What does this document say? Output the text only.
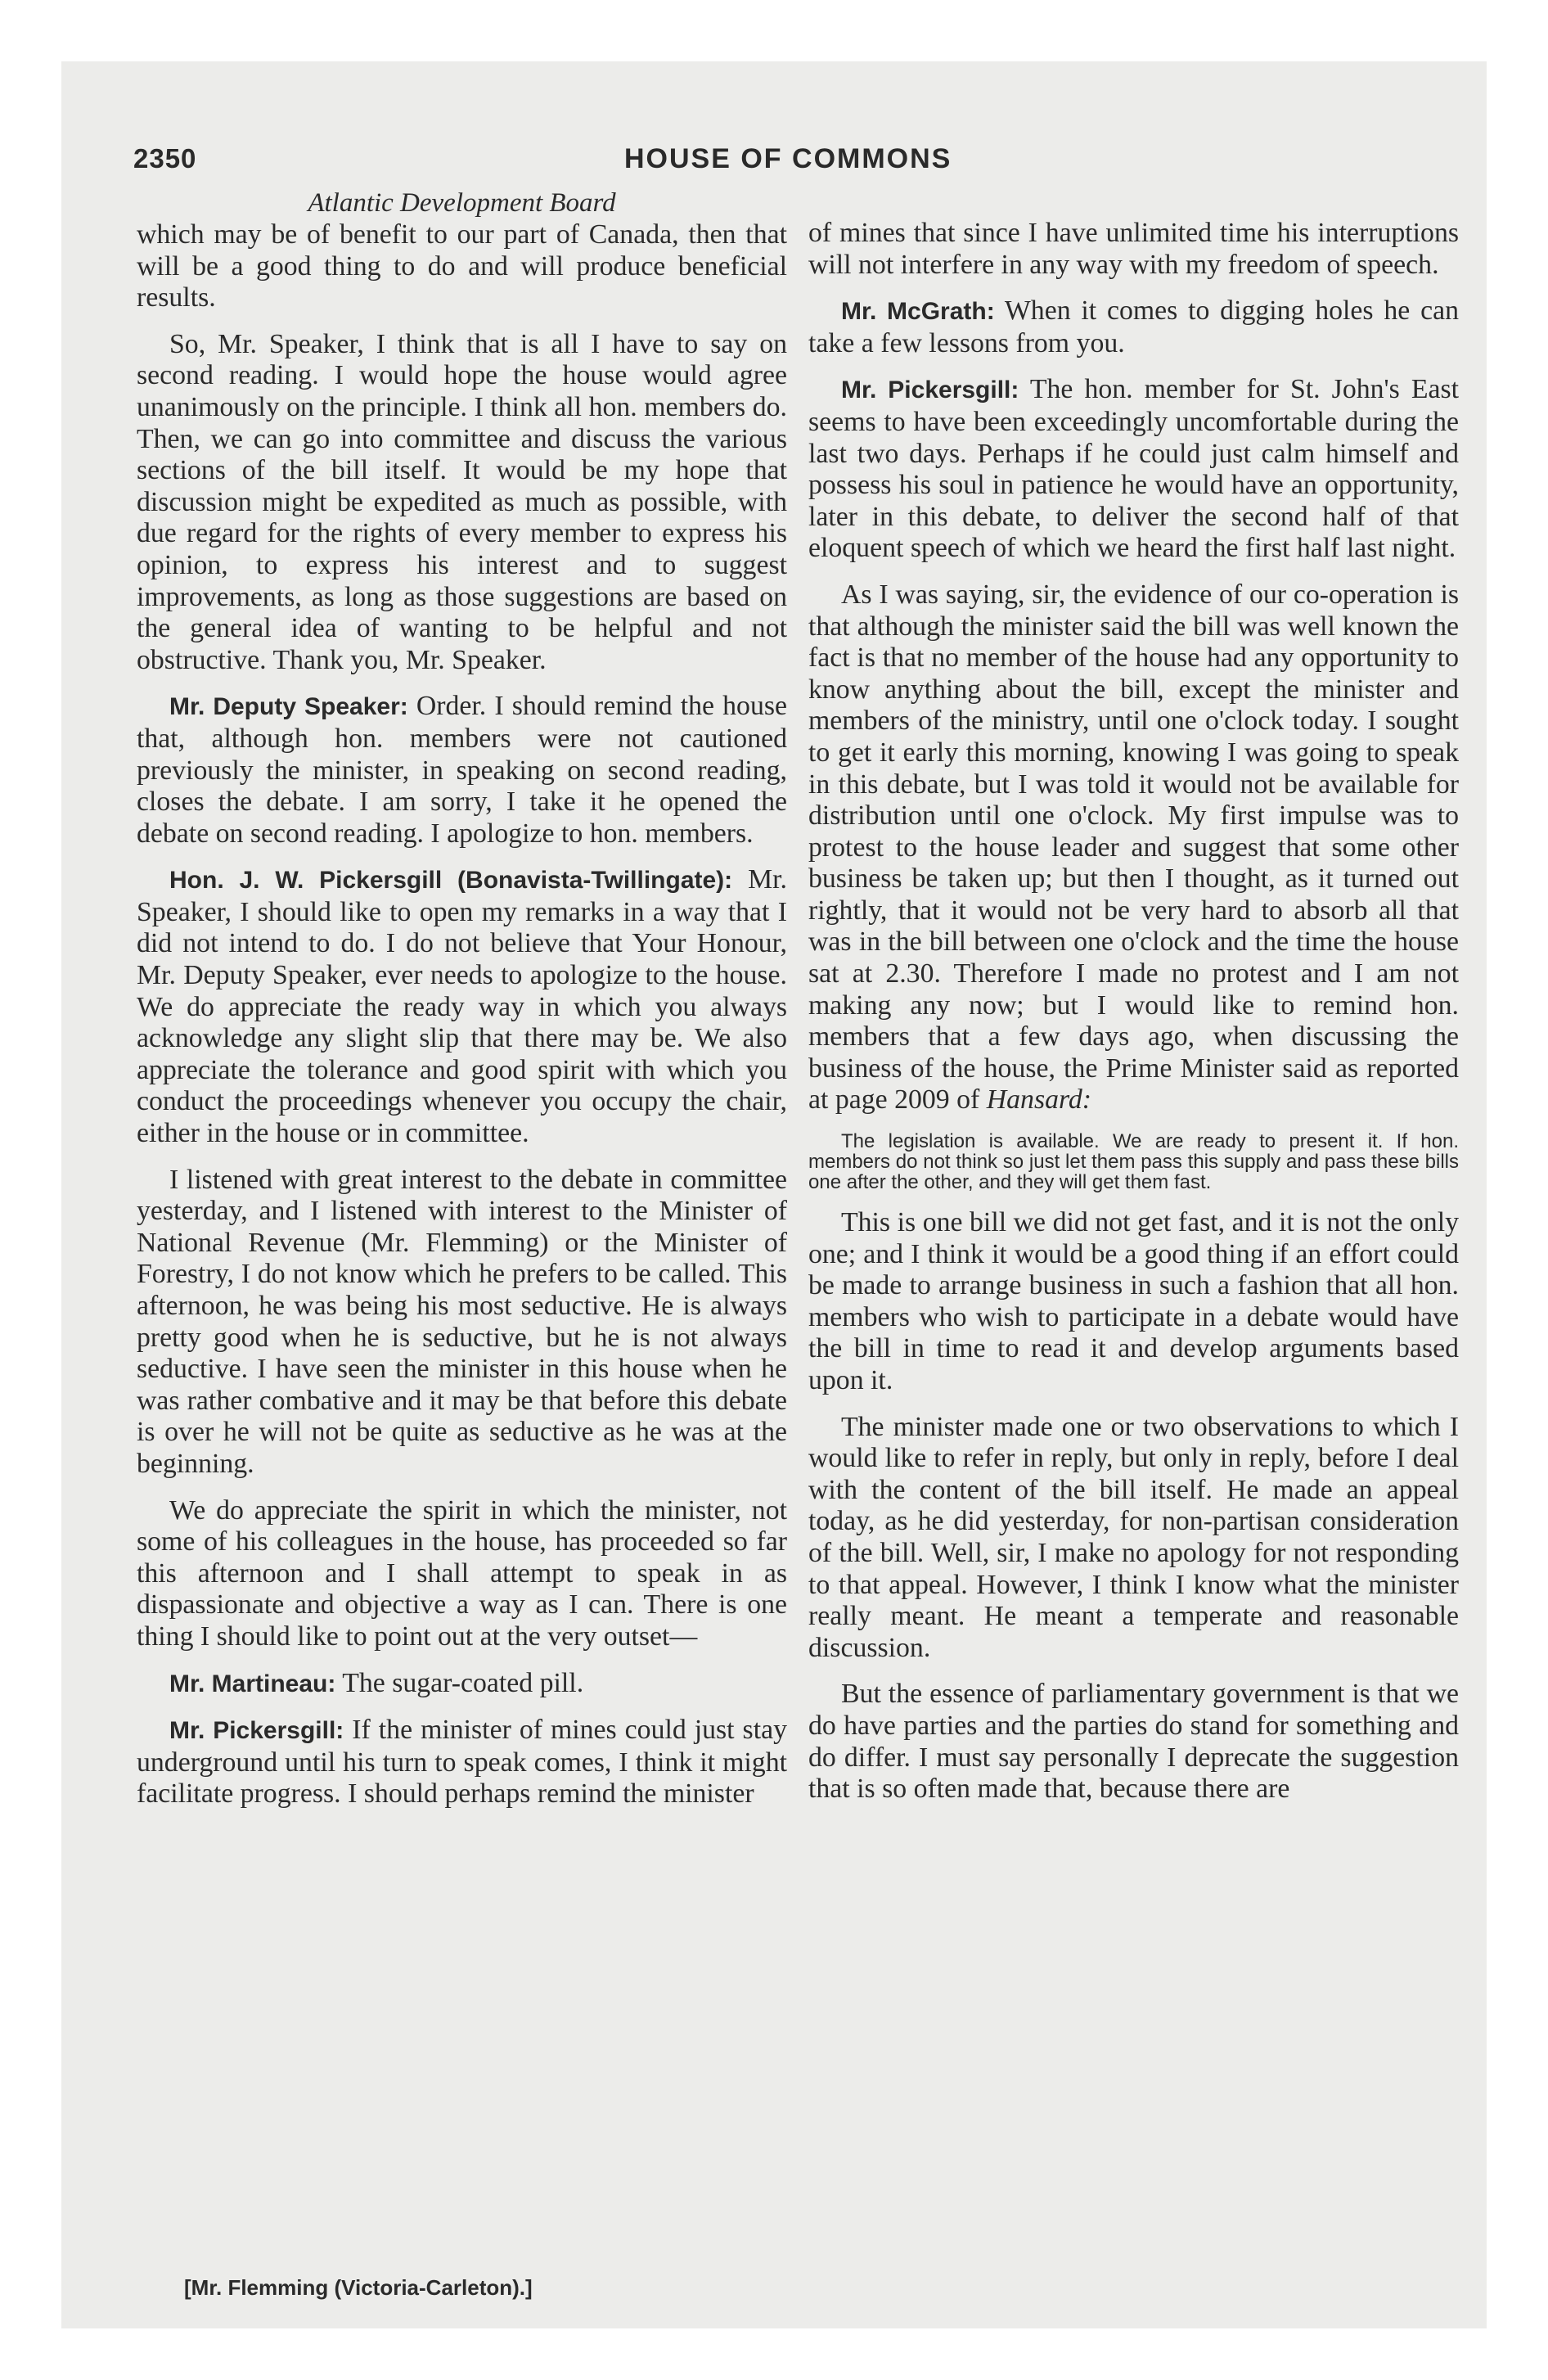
2350	HOUSE OF COMMONS
Atlantic Development Board

which may be of benefit to our part of Canada, then that will be a good thing to do and will produce beneficial results.

So, Mr. Speaker, I think that is all I have to say on second reading. I would hope the house would agree unanimously on the principle. I think all hon. members do. Then, we can go into committee and discuss the various sections of the bill itself. It would be my hope that discussion might be expedited as much as possible, with due regard for the rights of every member to express his opinion, to express his interest and to suggest improvements, as long as those suggestions are based on the general idea of wanting to be helpful and not obstructive. Thank you, Mr. Speaker.

Mr. Deputy Speaker: Order. I should remind the house that, although hon. members were not cautioned previously the minister, in speaking on second reading, closes the debate. I am sorry, I take it he opened the debate on second reading. I apologize to hon. members.

Hon. J. W. Pickersgill (Bonavista-Twillingate): Mr. Speaker, I should like to open my remarks in a way that I did not intend to do. I do not believe that Your Honour, Mr. Deputy Speaker, ever needs to apologize to the house. We do appreciate the ready way in which you always acknowledge any slight slip that there may be. We also appreciate the tolerance and good spirit with which you conduct the proceedings whenever you occupy the chair, either in the house or in committee.

I listened with great interest to the debate in committee yesterday, and I listened with interest to the Minister of National Revenue (Mr. Flemming) or the Minister of Forestry, I do not know which he prefers to be called. This afternoon, he was being his most seductive. He is always pretty good when he is seductive, but he is not always seductive. I have seen the minister in this house when he was rather combative and it may be that before this debate is over he will not be quite as seductive as he was at the beginning.

We do appreciate the spirit in which the minister, not some of his colleagues in the house, has proceeded so far this afternoon and I shall attempt to speak in as dispassionate and objective a way as I can. There is one thing I should like to point out at the very outset—

Mr. Martineau: The sugar-coated pill.

Mr. Pickersgill: If the minister of mines could just stay underground until his turn to speak comes, I think it might facilitate progress. I should perhaps remind the minister

of mines that since I have unlimited time his interruptions will not interfere in any way with my freedom of speech.

Mr. McGrath: When it comes to digging holes he can take a few lessons from you.

Mr. Pickersgill: The hon. member for St. John's East seems to have been exceedingly uncomfortable during the last two days. Perhaps if he could just calm himself and possess his soul in patience he would have an opportunity, later in this debate, to deliver the second half of that eloquent speech of which we heard the first half last night.

As I was saying, sir, the evidence of our co-operation is that although the minister said the bill was well known the fact is that no member of the house had any opportunity to know anything about the bill, except the minister and members of the ministry, until one o'clock today. I sought to get it early this morning, knowing I was going to speak in this debate, but I was told it would not be available for distribution until one o'clock. My first impulse was to protest to the house leader and suggest that some other business be taken up; but then I thought, as it turned out rightly, that it would not be very hard to absorb all that was in the bill between one o'clock and the time the house sat at 2.30. Therefore I made no protest and I am not making any now; but I would like to remind hon. members that a few days ago, when discussing the business of the house, the Prime Minister said as reported at page 2009 of Hansard:

The legislation is available. We are ready to present it. If hon. members do not think so just let them pass this supply and pass these bills one after the other, and they will get them fast.

This is one bill we did not get fast, and it is not the only one; and I think it would be a good thing if an effort could be made to arrange business in such a fashion that all hon. members who wish to participate in a debate would have the bill in time to read it and develop arguments based upon it.

The minister made one or two observations to which I would like to refer in reply, but only in reply, before I deal with the content of the bill itself. He made an appeal today, as he did yesterday, for non-partisan consideration of the bill. Well, sir, I make no apology for not responding to that appeal. However, I think I know what the minister really meant. He meant a temperate and reasonable discussion.

But the essence of parliamentary government is that we do have parties and the parties do stand for something and do differ. I must say personally I deprecate the suggestion that is so often made that, because there are

[Mr. Flemming (Victoria-Carleton).]
